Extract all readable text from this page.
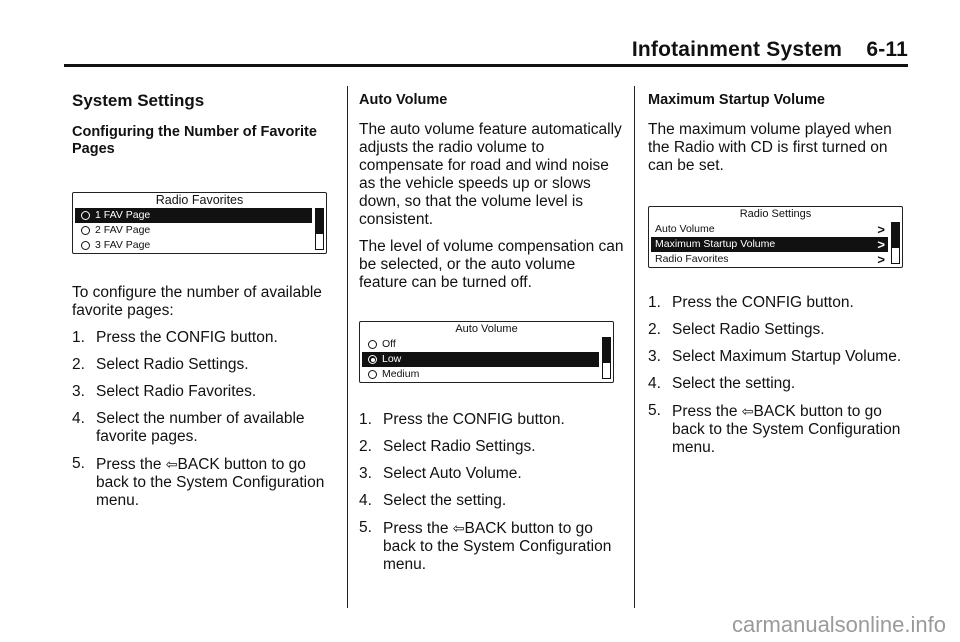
Infotainment System 6-11
System Settings
Configuring the Number of Favorite Pages
Radio Favorites
1 FAV Page
2 FAV Page
3 FAV Page

To configure the number of available favorite pages:

1. Press the CONFIG button.
2. Select Radio Settings.
3. Select Radio Favorites.
4. Select the number of available favorite pages.
5. Press the ⇦BACK button to go back to the System Configuration menu.
Auto Volume

The auto volume feature automatically adjusts the radio volume to compensate for road and wind noise as the vehicle speeds up or slows down, so that the volume level is consistent.

The level of volume compensation can be selected, or the auto volume feature can be turned off.

Auto Volume
Off
Low
Medium
1. Press the CONFIG button.
2. Select Radio Settings.
3. Select Auto Volume.
4. Select the setting.
5. Press the ⇦BACK button to go back to the System Configuration menu.
Maximum Startup Volume

The maximum volume played when the Radio with CD is first turned on can be set.

Radio Settings
Auto Volume	>
Maximum Startup Volume	>
Radio Favorites	>
1. Press the CONFIG button.
2. Select Radio Settings.
3. Select Maximum Startup Volume.
4. Select the setting.
5. Press the ⇦BACK button to go back to the System Configuration menu.
carmanualsonline.info
